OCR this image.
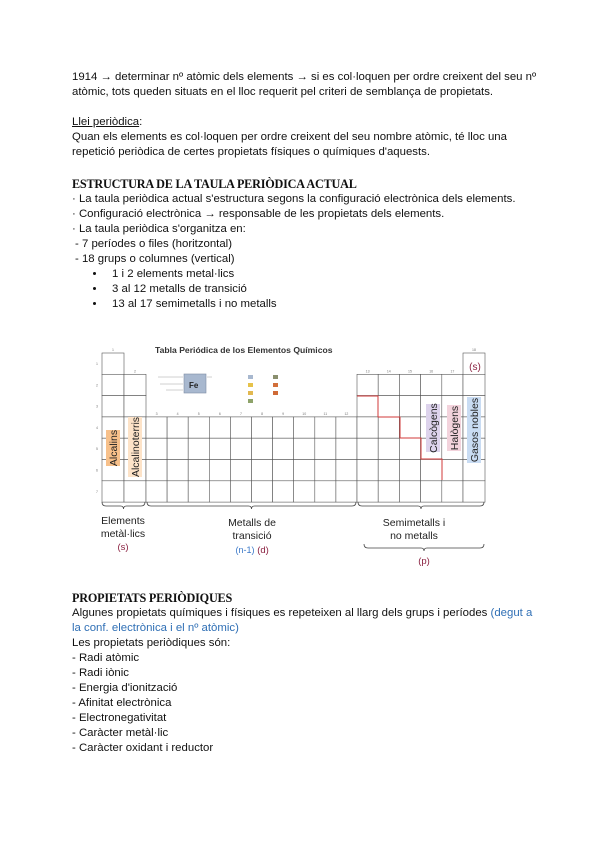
1914 → determinar nº atòmic dels elements → si es col·loquen per ordre creixent del seu nº atòmic, tots queden situats en el lloc requerit pel criteri de semblança de propietats.

Llei periòdica:

Quan els elements es col·loquen per ordre creixent del seu nombre atòmic, té lloc una repetició periòdica de certes propietats físiques o químiques d'aquests.

ESTRUCTURA DE LA TAULA PERIÒDICA ACTUAL

· La taula periòdica actual s'estructura segons la configuració electrònica dels elements.

· Configuració electrònica → responsable de les propietats dels elements.

· La taula periòdica s'organitza en:

- 7 períodes o files (horitzontal)

- 18 grups o columnes (vertical)

• 1 i 2 elements metal·lics
• 3 al 12 metalls de transició
• 13 al 17 semimetalls i no metalls
1
2
3	4	5	6	7	8	9	10	11	12
13	14	15	16	17
18
1
2
3
4
5
6
7
Tabla Periódica de los Elementos Químicos
Fe
Alcalins Alcalinoterris	Calcògens Halògens Gasos nobles
(s)
Elements
metàl·lics
(s)
Metalls de
transició
(n-1) (d)
Semimetalls i
no metalls
(p)

PROPIETATS PERIÒDIQUES

Algunes propietats químiques i físiques es repeteixen al llarg dels grups i períodes (degut a la conf. electrònica i el nº atòmic)

Les propietats periòdiques són:

- Radi atòmic

- Radi iònic

- Energia d'ionització

- Afinitat electrònica

- Electronegativitat

- Caràcter metàl·lic

- Caràcter oxidant i reductor
